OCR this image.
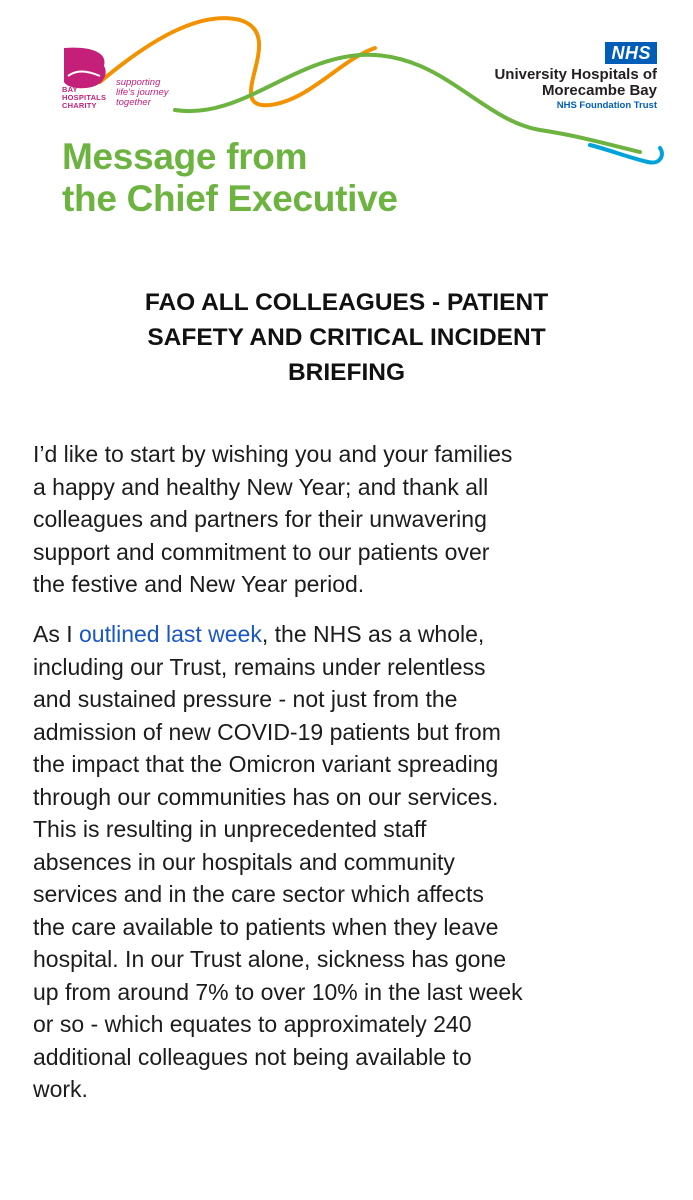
BAY
HOSPITALS
CHARITY
supporting
life's journey
together
NHS
University Hospitals of
Morecambe Bay
NHS Foundation Trust
Message from
the Chief Executive
FAO ALL COLLEAGUES - PATIENT
SAFETY AND CRITICAL INCIDENT
BRIEFING
I’d like to start by wishing you and your families
a happy and healthy New Year; and thank all
colleagues and partners for their unwavering
support and commitment to our patients over
the festive and New Year period.
As I outlined last week, the NHS as a whole,
including our Trust, remains under relentless
and sustained pressure - not just from the
admission of new COVID-19 patients but from
the impact that the Omicron variant spreading
through our communities has on our services.
This is resulting in unprecedented staff
absences in our hospitals and community
services and in the care sector which affects
the care available to patients when they leave
hospital. In our Trust alone, sickness has gone
up from around 7% to over 10% in the last week
or so - which equates to approximately 240
additional colleagues not being available to
work.
